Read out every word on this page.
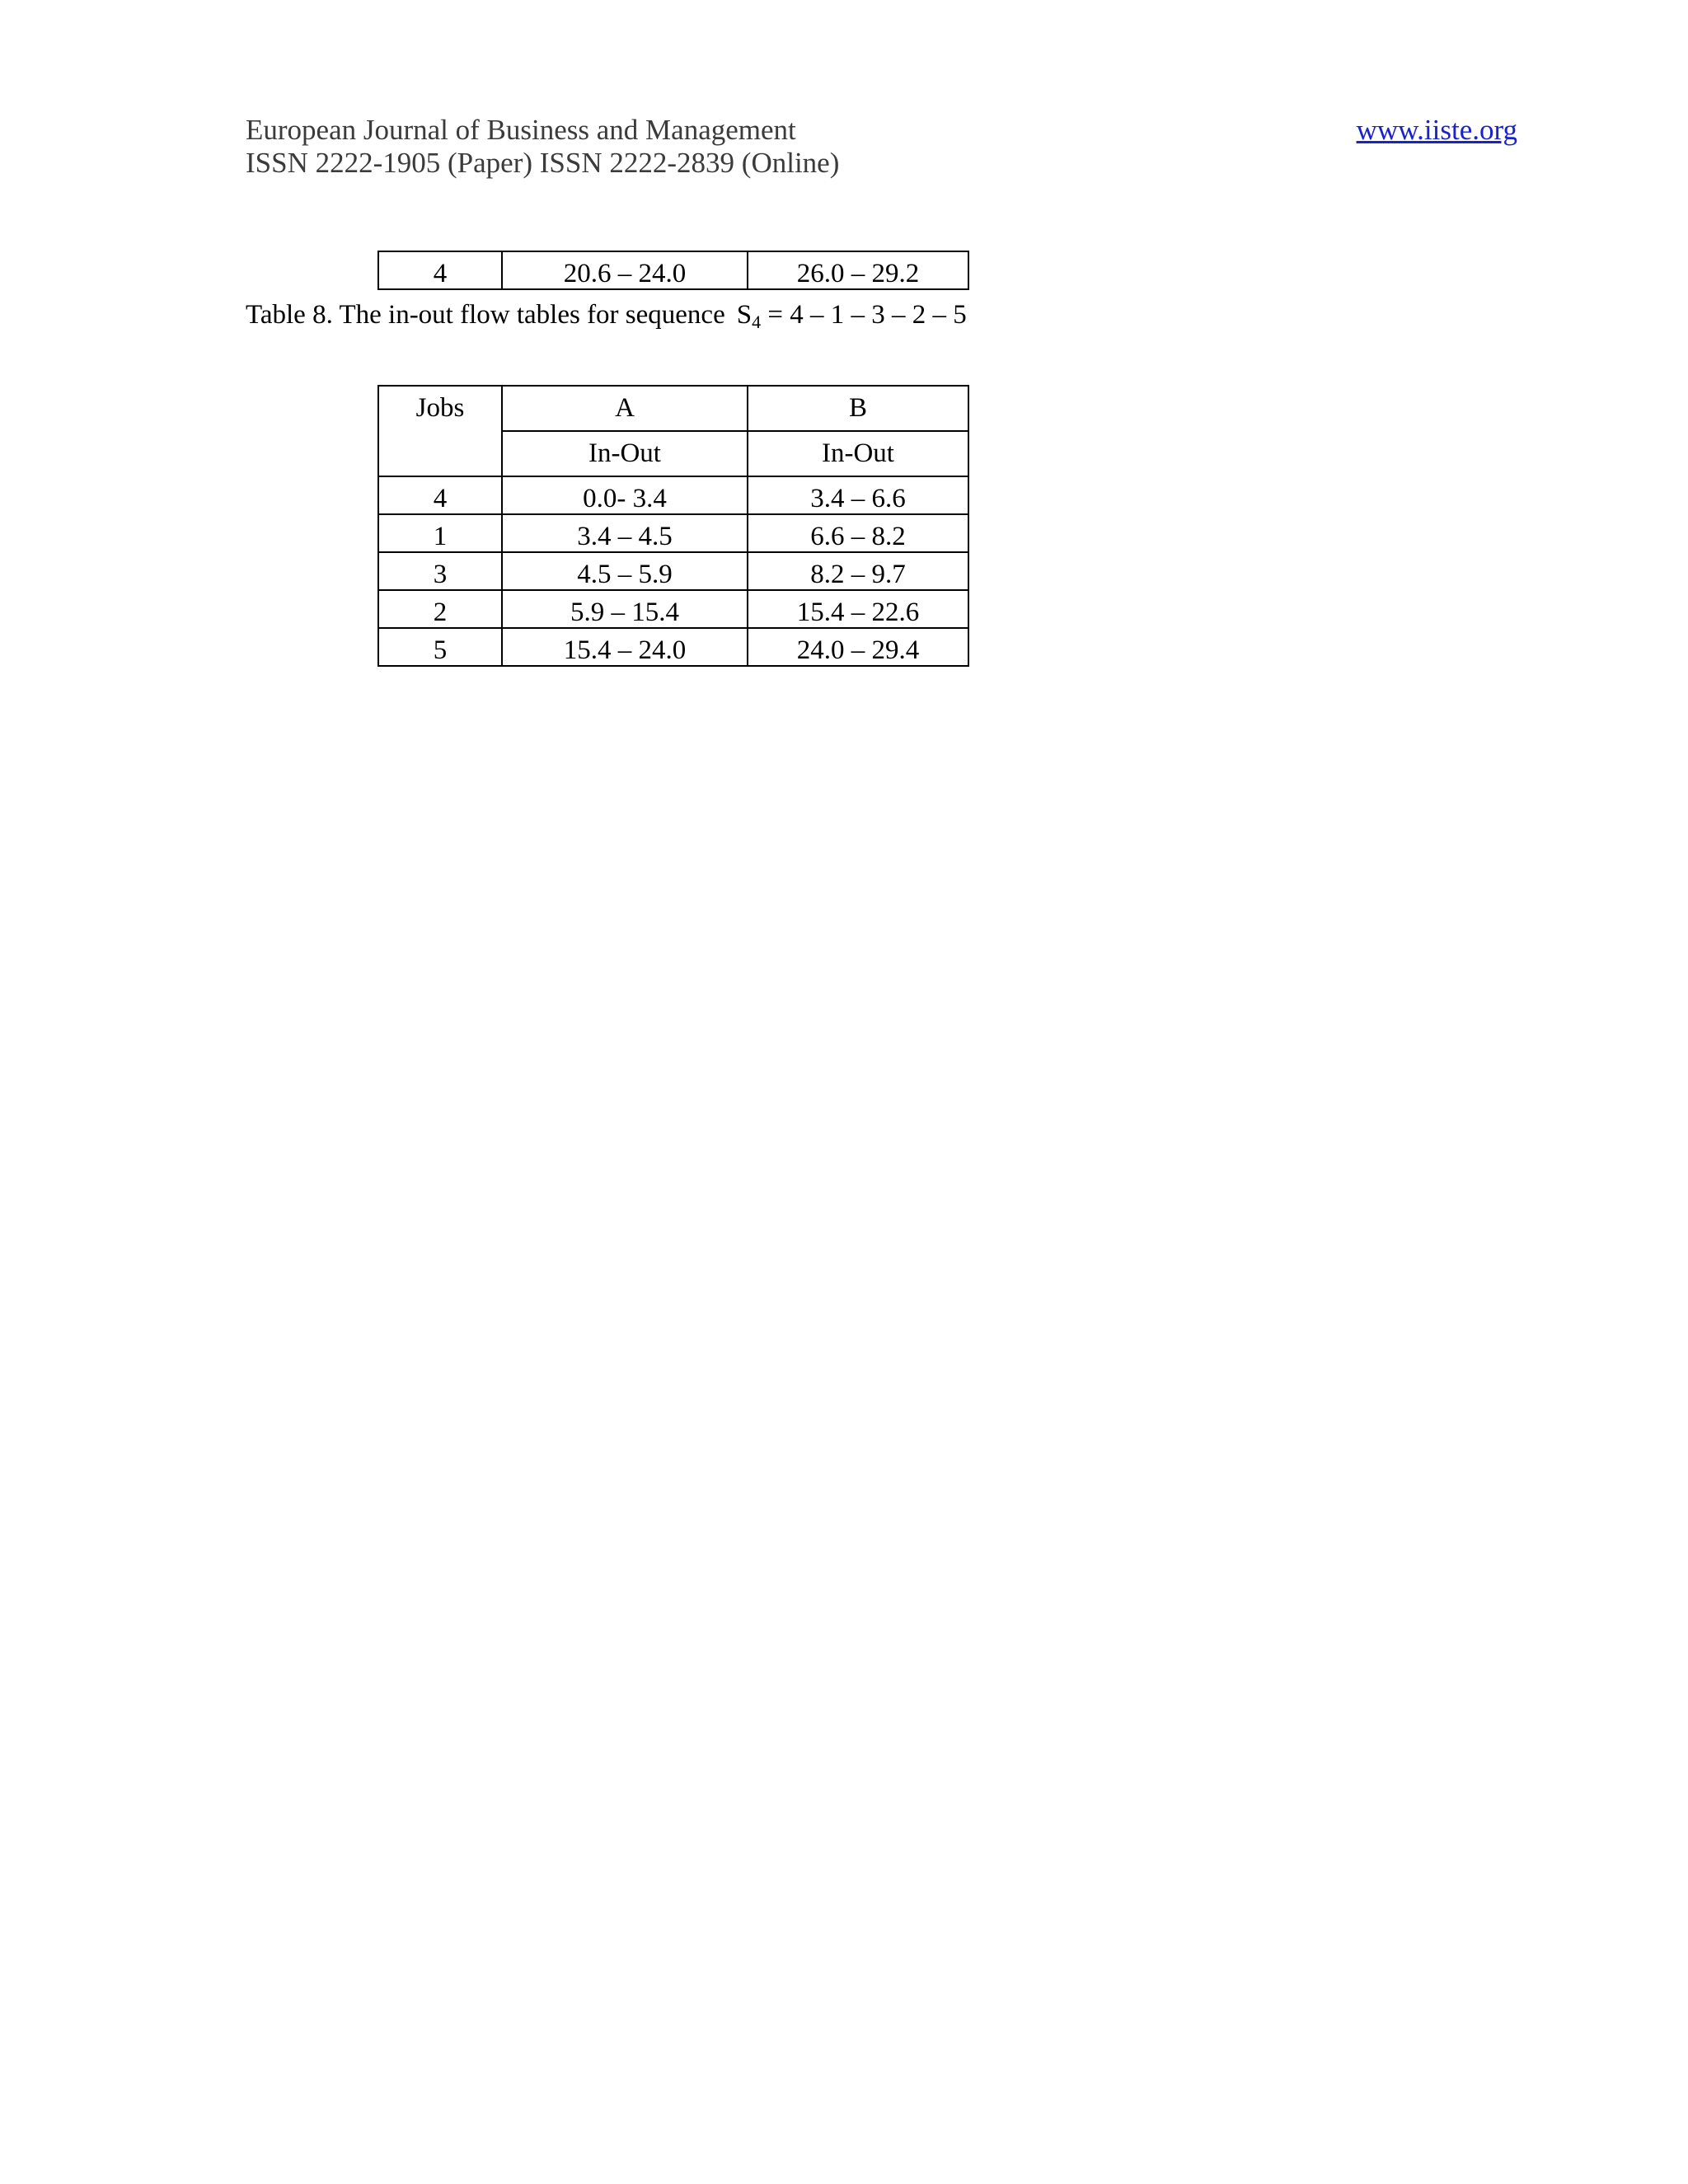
European Journal of Business and Management
ISSN 2222-1905 (Paper) ISSN 2222-2839 (Online)
www.iiste.org
4	20.6 – 24.0	26.0 – 29.2
Table 8. The in-out flow tables for sequence $S_4 = 4 - 1 - 3 - 2 - 5$
Jobs	A	B
	In-Out	In-Out
4	0.0- 3.4	3.4 – 6.6
1	3.4 – 4.5	6.6 – 8.2
3	4.5 – 5.9	8.2 – 9.7
2	5.9 – 15.4	15.4 – 22.6
5	15.4 – 24.0	24.0 – 29.4
